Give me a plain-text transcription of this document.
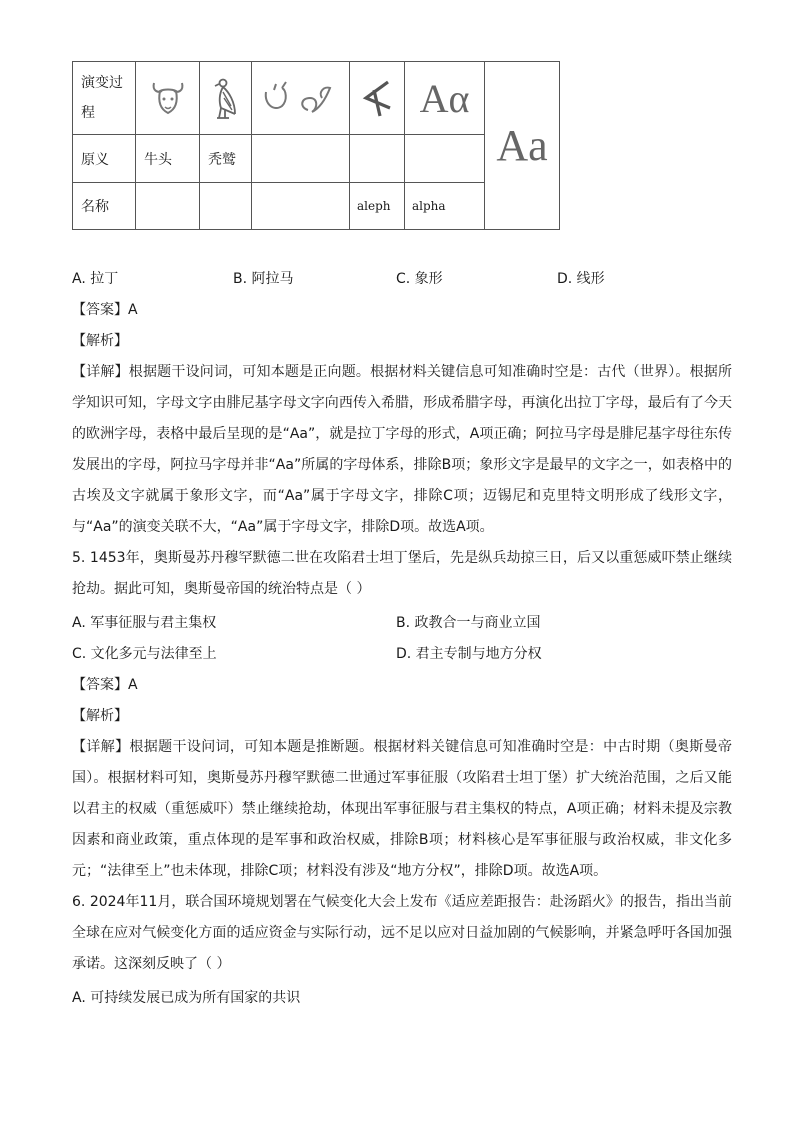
演变过程					Aα	Aa
原义	牛头	秃鹫				
名称				aleph	alpha	
A. 拉丁	B. 阿拉马	C. 象形	D. 线形
【答案】A
【解析】
【详解】根据题干设问词，可知本题是正向题。根据材料关键信息可知准确时空是：古代（世界）。根据所学知识可知，字母文字由腓尼基字母文字向西传入希腊，形成希腊字母，再演化出拉丁字母，最后有了今天的欧洲字母，表格中最后呈现的是“Aa”，就是拉丁字母的形式，A项正确；阿拉马字母是腓尼基字母往东传发展出的字母，阿拉马字母并非“Aa”所属的字母体系，排除B项；象形文字是最早的文字之一，如表格中的古埃及文字就属于象形文字，而“Aa”属于字母文字，排除C项；迈锡尼和克里特文明形成了线形文字，与“Aa”的演变关联不大，“Aa”属于字母文字，排除D项。故选A项。
5. 1453年，奥斯曼苏丹穆罕默德二世在攻陷君士坦丁堡后，先是纵兵劫掠三日，后又以重惩威吓禁止继续抢劫。据此可知，奥斯曼帝国的统治特点是（ ）
A. 军事征服与君主集权	B. 政教合一与商业立国
C. 文化多元与法律至上	D. 君主专制与地方分权
【答案】A
【解析】
【详解】根据题干设问词，可知本题是推断题。根据材料关键信息可知准确时空是：中古时期（奥斯曼帝国）。根据材料可知，奥斯曼苏丹穆罕默德二世通过军事征服（攻陷君士坦丁堡）扩大统治范围，之后又能以君主的权威（重惩威吓）禁止继续抢劫，体现出军事征服与君主集权的特点，A项正确；材料未提及宗教因素和商业政策，重点体现的是军事和政治权威，排除B项；材料核心是军事征服与政治权威，非文化多元；“法律至上”也未体现，排除C项；材料没有涉及“地方分权”，排除D项。故选A项。
6. 2024年11月，联合国环境规划署在气候变化大会上发布《适应差距报告：赴汤蹈火》的报告，指出当前全球在应对气候变化方面的适应资金与实际行动，远不足以应对日益加剧的气候影响，并紧急呼吁各国加强承诺。这深刻反映了（ ）
A. 可持续发展已成为所有国家的共识
